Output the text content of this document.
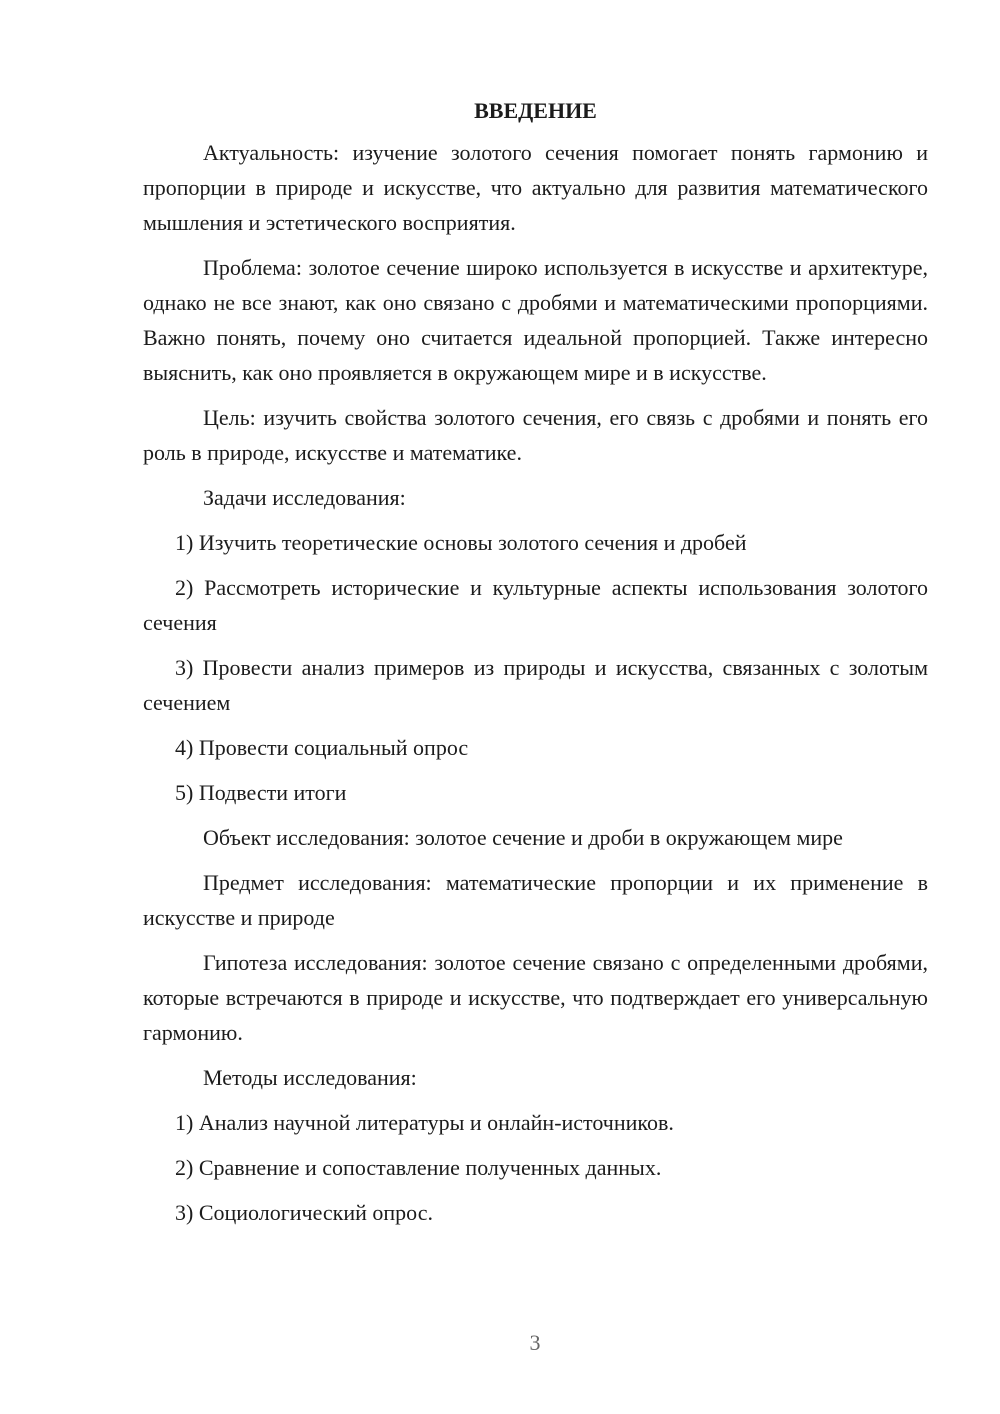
ВВЕДЕНИЕ

Актуальность: изучение золотого сечения помогает понять гармонию и пропорции в природе и искусстве, что актуально для развития математического мышления и эстетического восприятия.

Проблема: золотое сечение широко используется в искусстве и архитектуре, однако не все знают, как оно связано с дробями и математическими пропорциями. Важно понять, почему оно считается идеальной пропорцией. Также интересно выяснить, как оно проявляется в окружающем мире и в искусстве.

Цель: изучить свойства золотого сечения, его связь с дробями и понять его роль в природе, искусстве и математике.

Задачи исследования:

1) Изучить теоретические основы золотого сечения и дробей

2) Рассмотреть исторические и культурные аспекты использования золотого сечения

3) Провести анализ примеров из природы и искусства, связанных с золотым сечением

4) Провести социальный опрос

5) Подвести итоги

Объект исследования: золотое сечение и дроби в окружающем мире

Предмет исследования: математические пропорции и их применение в искусстве и природе

Гипотеза исследования: золотое сечение связано с определенными дробями, которые встречаются в природе и искусстве, что подтверждает его универсальную гармонию.

Методы исследования:

1) Анализ научной литературы и онлайн-источников.

2) Сравнение и сопоставление полученных данных.

3) Социологический опрос.

3
